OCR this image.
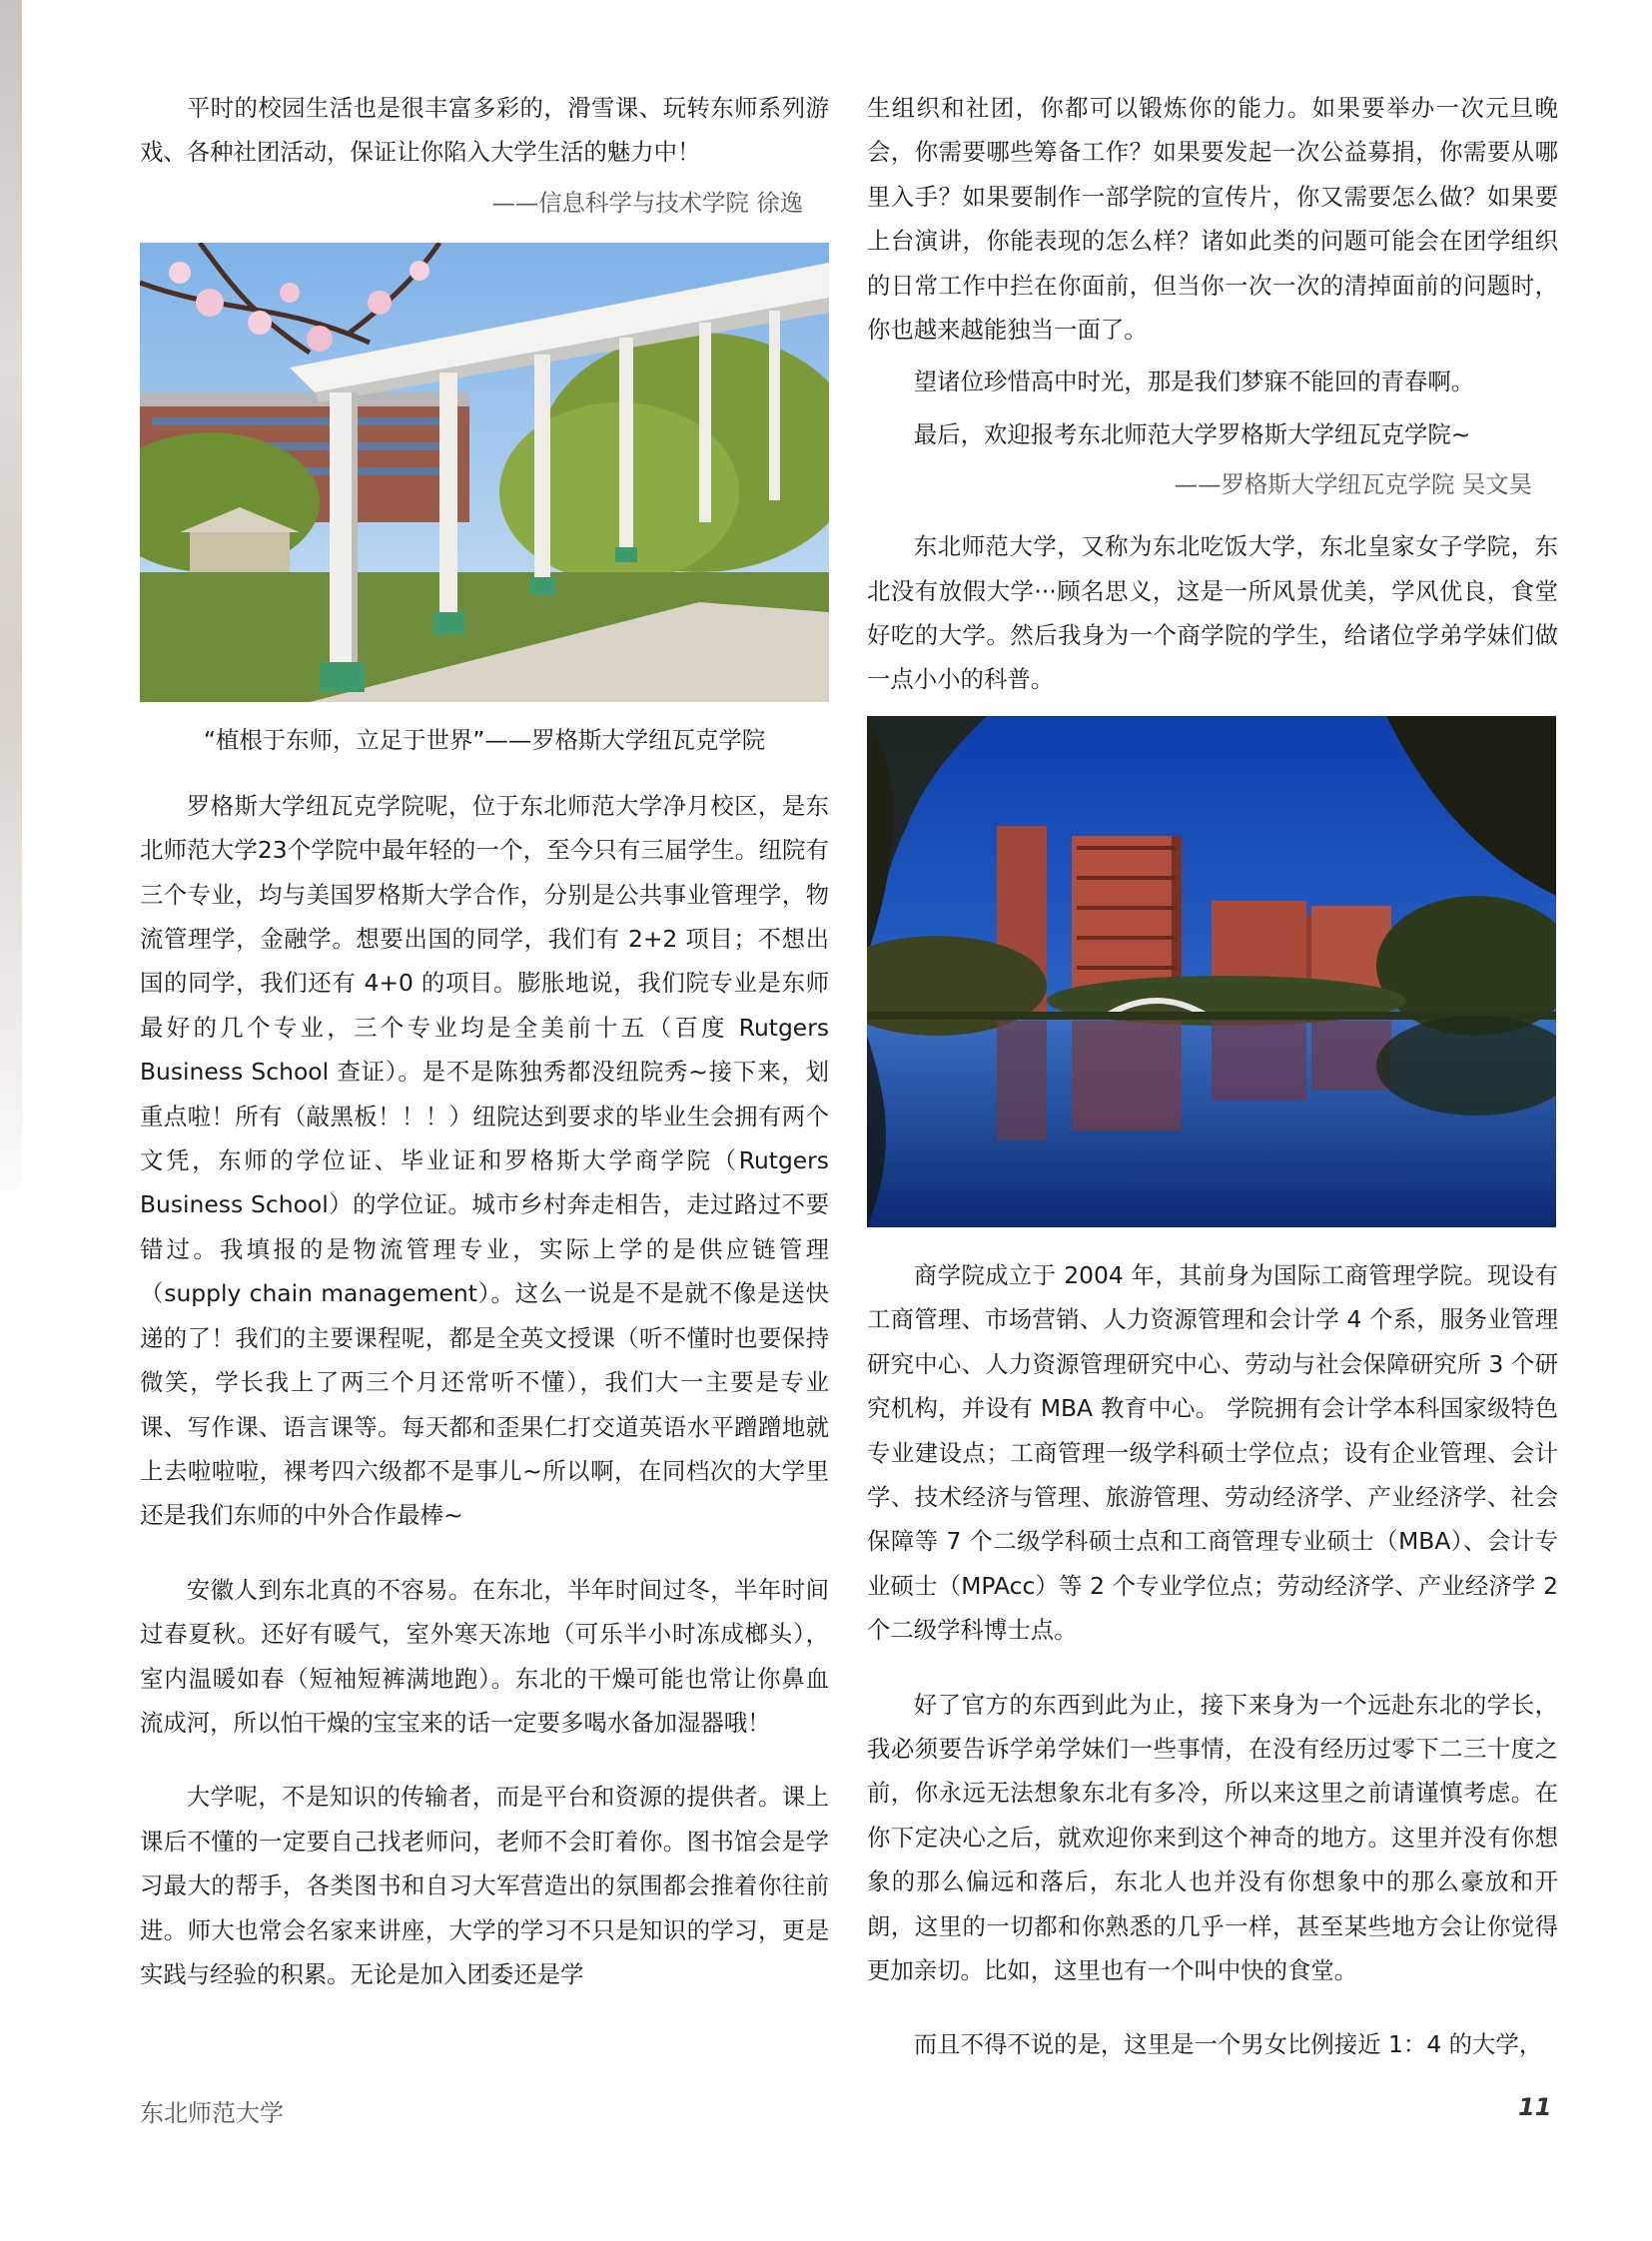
平时的校园生活也是很丰富多彩的，滑雪课、玩转东师系列游戏、各种社团活动，保证让你陷入大学生活的魅力中！

——信息科学与技术学院 徐逸
“植根于东师，立足于世界”——罗格斯大学纽瓦克学院

罗格斯大学纽瓦克学院呢，位于东北师范大学净月校区，是东北师范大学23个学院中最年轻的一个，至今只有三届学生。纽院有三个专业，均与美国罗格斯大学合作，分别是公共事业管理学，物流管理学，金融学。想要出国的同学，我们有 2+2 项目；不想出国的同学，我们还有 4+0 的项目。膨胀地说，我们院专业是东师最好的几个专业，三个专业均是全美前十五（百度 Rutgers Business School 查证）。是不是陈独秀都没纽院秀~接下来，划重点啦！所有（敲黑板！！！）纽院达到要求的毕业生会拥有两个文凭，东师的学位证、毕业证和罗格斯大学商学院（Rutgers Business School）的学位证。城市乡村奔走相告，走过路过不要错过。我填报的是物流管理专业，实际上学的是供应链管理（supply chain management）。这么一说是不是就不像是送快递的了！我们的主要课程呢，都是全英文授课（听不懂时也要保持微笑，学长我上了两三个月还常听不懂），我们大一主要是专业课、写作课、语言课等。每天都和歪果仁打交道英语水平蹭蹭地就上去啦啦啦，裸考四六级都不是事儿~所以啊，在同档次的大学里还是我们东师的中外合作最棒~

安徽人到东北真的不容易。在东北，半年时间过冬，半年时间过春夏秋。还好有暖气，室外寒天冻地（可乐半小时冻成榔头），室内温暖如春（短袖短裤满地跑）。东北的干燥可能也常让你鼻血流成河，所以怕干燥的宝宝来的话一定要多喝水备加湿器哦！

大学呢，不是知识的传输者，而是平台和资源的提供者。课上课后不懂的一定要自己找老师问，老师不会盯着你。图书馆会是学习最大的帮手，各类图书和自习大军营造出的氛围都会推着你往前进。师大也常会名家来讲座，大学的学习不只是知识的学习，更是实践与经验的积累。无论是加入团委还是学

生组织和社团，你都可以锻炼你的能力。如果要举办一次元旦晚会，你需要哪些筹备工作？如果要发起一次公益募捐，你需要从哪里入手？如果要制作一部学院的宣传片，你又需要怎么做？如果要上台演讲，你能表现的怎么样？诸如此类的问题可能会在团学组织的日常工作中拦在你面前，但当你一次一次的清掉面前的问题时，你也越来越能独当一面了。

望诸位珍惜高中时光，那是我们梦寐不能回的青春啊。

最后，欢迎报考东北师范大学罗格斯大学纽瓦克学院~

——罗格斯大学纽瓦克学院 吴文昊

东北师范大学，又称为东北吃饭大学，东北皇家女子学院，东北没有放假大学···顾名思义，这是一所风景优美，学风优良，食堂好吃的大学。然后我身为一个商学院的学生，给诸位学弟学妹们做一点小小的科普。

商学院成立于 2004 年，其前身为国际工商管理学院。现设有工商管理、市场营销、人力资源管理和会计学 4 个系，服务业管理研究中心、人力资源管理研究中心、劳动与社会保障研究所 3 个研究机构，并设有 MBA 教育中心。 学院拥有会计学本科国家级特色专业建设点；工商管理一级学科硕士学位点；设有企业管理、会计学、技术经济与管理、旅游管理、劳动经济学、产业经济学、社会保障等 7 个二级学科硕士点和工商管理专业硕士（MBA）、会计专业硕士（MPAcc）等 2 个专业学位点；劳动经济学、产业经济学 2 个二级学科博士点。

好了官方的东西到此为止，接下来身为一个远赴东北的学长，我必须要告诉学弟学妹们一些事情，在没有经历过零下二三十度之前，你永远无法想象东北有多冷，所以来这里之前请谨慎考虑。在你下定决心之后，就欢迎你来到这个神奇的地方。这里并没有你想象的那么偏远和落后，东北人也并没有你想象中的那么豪放和开朗，这里的一切都和你熟悉的几乎一样，甚至某些地方会让你觉得更加亲切。比如，这里也有一个叫中快的食堂。

而且不得不说的是，这里是一个男女比例接近 1：4 的大学，

东北师范大学	11
